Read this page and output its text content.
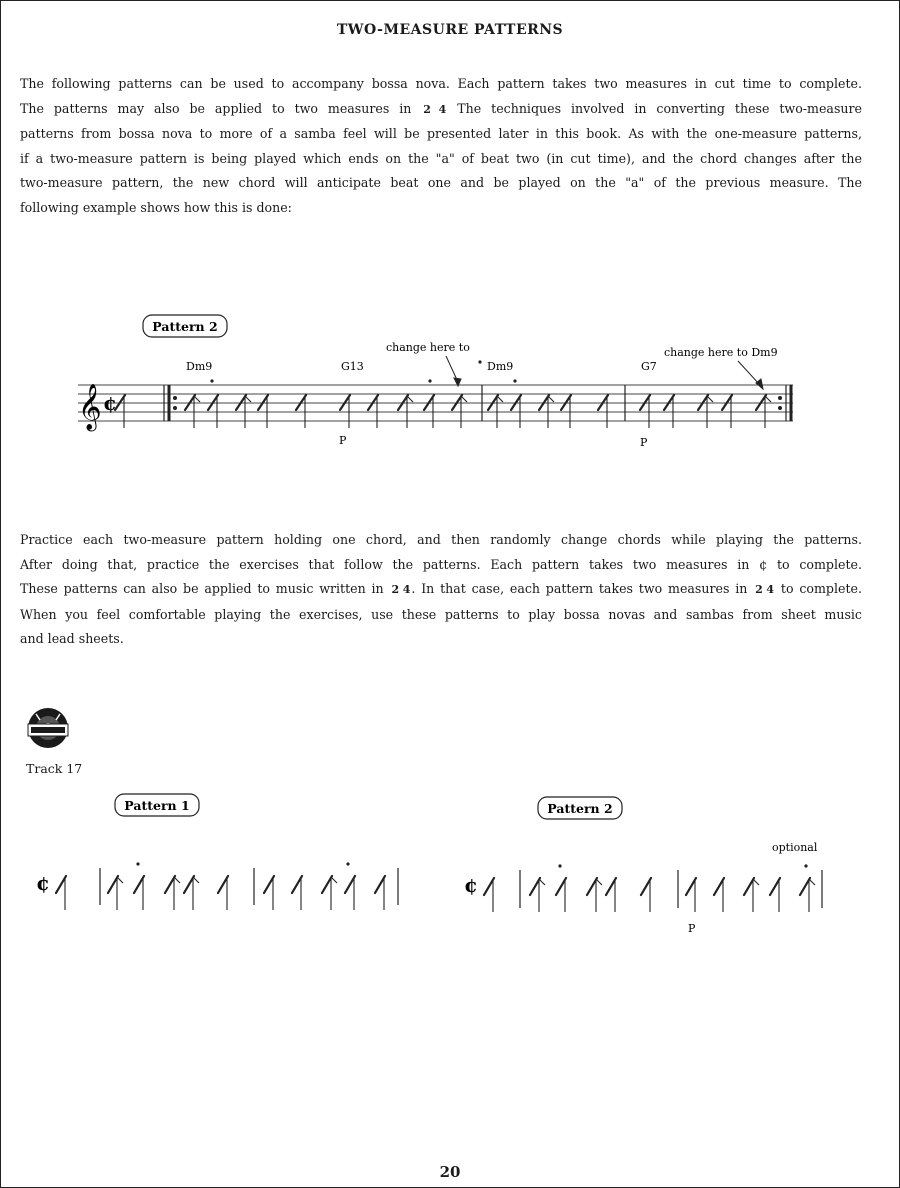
TWO-MEASURE PATTERNS
The following patterns can be used to accompany bossa nova. Each pattern takes two measures in cut time to complete.
The patterns may also be applied to two measures in 2 4 The techniques involved in converting these two-measure
patterns from bossa nova to more of a samba feel will be presented later in this book. As with the one-measure patterns,
if a two-measure pattern is being played which ends on the "a" of beat two (in cut time), and the chord changes after the
two-measure pattern, the new chord will anticipate beat one and be played on the "a" of the previous measure. The
following example shows how this is done:
Practice each two-measure pattern holding one chord, and then randomly change chords while playing the patterns.
After doing that, practice the exercises that follow the patterns. Each pattern takes two measures in ¢ to complete.
These patterns can also be applied to music written in 2 4 . In that case, each pattern takes two measures in 2 4 to complete.
When you feel comfortable playing the exercises, use these patterns to play bossa novas and sambas from sheet music
and lead sheets.
Pattern 2
𝄞 ¢
Dm9	G13	Dm9	G7
change here to	change here to Dm9
P	P
Pattern 1
¢
Pattern 2
optional
¢
P
Track 17
20
